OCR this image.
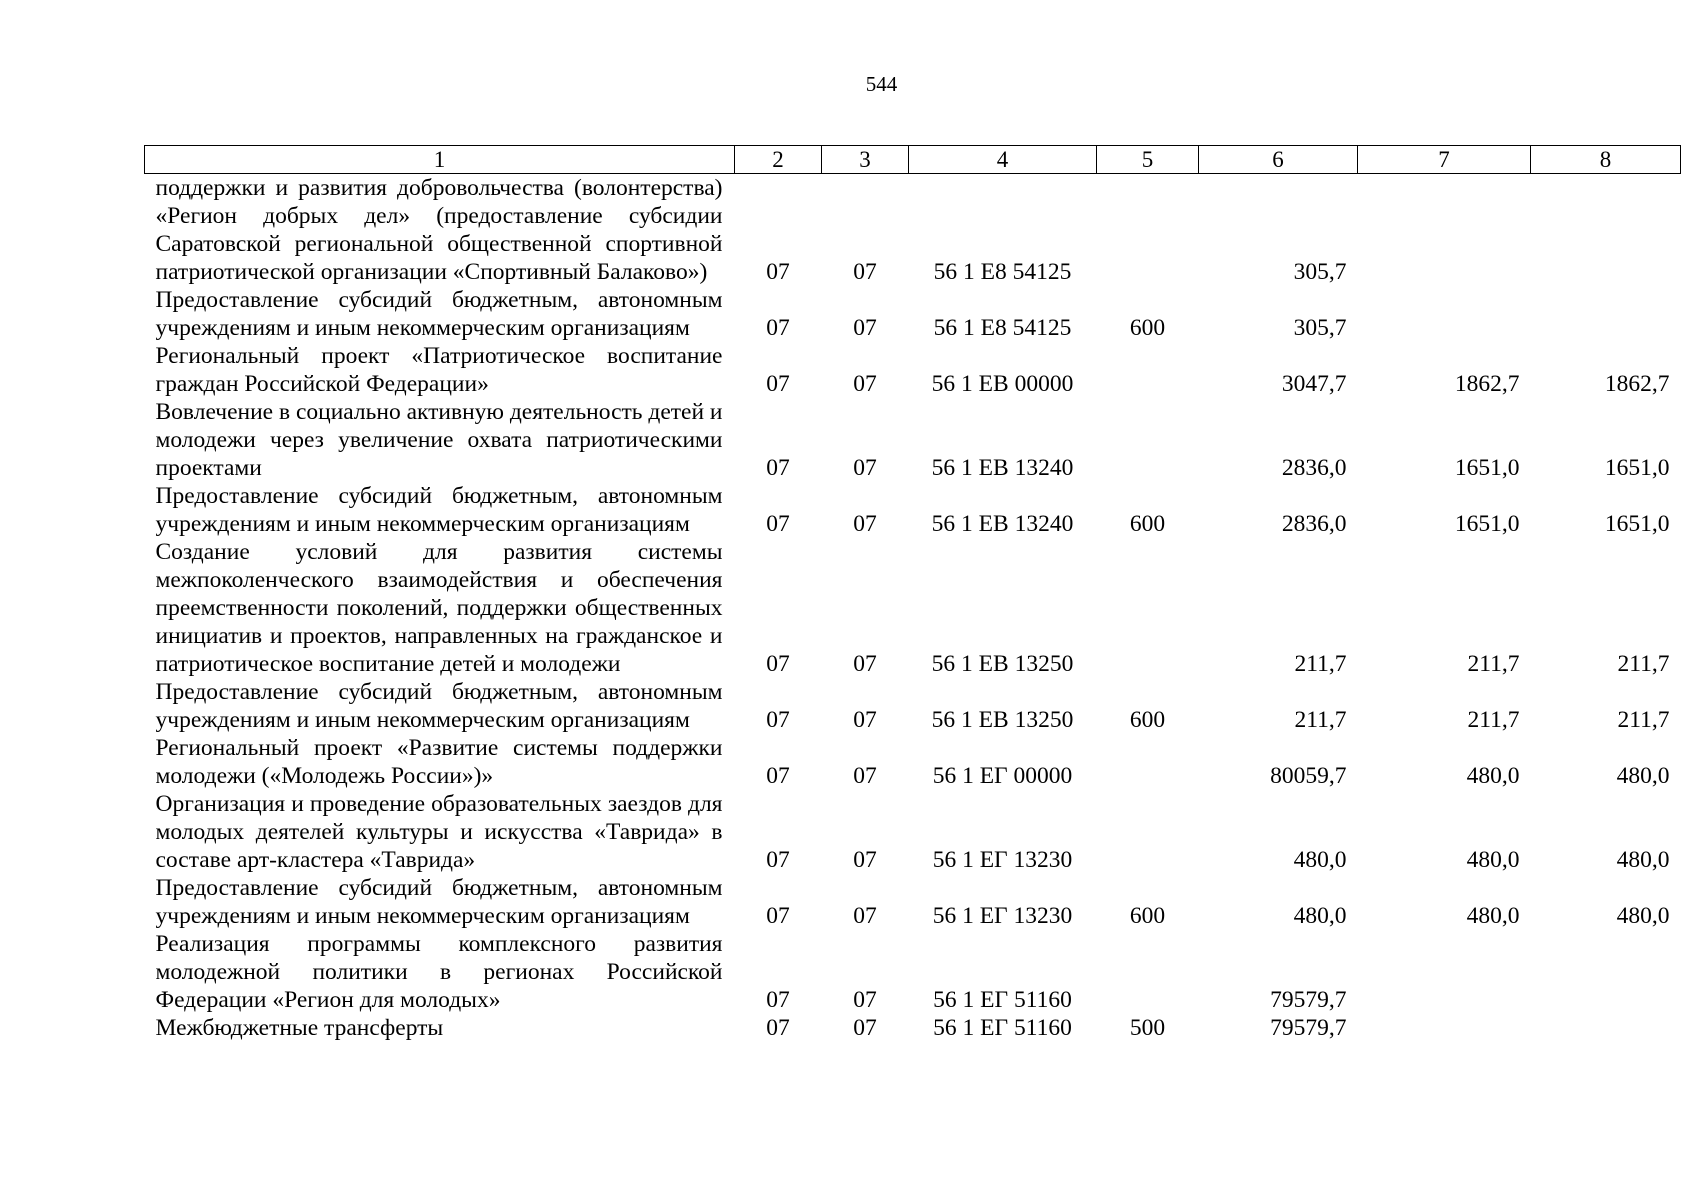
544
1	2	3	4	5	6	7	8
поддержки и развития добровольчества (волонтерства) «Регион добрых дел» (предоставление субсидии Саратовской региональной общественной спортивной патриотической организации «Спортивный Балаково»)	07	07	56 1 Е8 54125		305,7		
Предоставление субсидий бюджетным, автономным учреждениям и иным некоммерческим организациям	07	07	56 1 Е8 54125	600	305,7		
Региональный проект «Патриотическое воспитание граждан Российской Федерации»	07	07	56 1 ЕВ 00000		3047,7	1862,7	1862,7
Вовлечение в социально активную деятельность детей и молодежи через увеличение охвата патриотическими проектами	07	07	56 1 ЕВ 13240		2836,0	1651,0	1651,0
Предоставление субсидий бюджетным, автономным учреждениям и иным некоммерческим организациям	07	07	56 1 ЕВ 13240	600	2836,0	1651,0	1651,0
Создание условий для развития системы межпоколенческого взаимодействия и обеспечения преемственности поколений, поддержки общественных инициатив и проектов, направленных на гражданское и патриотическое воспитание детей и молодежи	07	07	56 1 ЕВ 13250		211,7	211,7	211,7
Предоставление субсидий бюджетным, автономным учреждениям и иным некоммерческим организациям	07	07	56 1 ЕВ 13250	600	211,7	211,7	211,7
Региональный проект «Развитие системы поддержки молодежи («Молодежь России»)»	07	07	56 1 ЕГ 00000		80059,7	480,0	480,0
Организация и проведение образовательных заездов для молодых деятелей культуры и искусства «Таврида» в составе арт-кластера «Таврида»	07	07	56 1 ЕГ 13230		480,0	480,0	480,0
Предоставление субсидий бюджетным, автономным учреждениям и иным некоммерческим организациям	07	07	56 1 ЕГ 13230	600	480,0	480,0	480,0
Реализация программы комплексного развития молодежной политики в регионах Российской Федерации «Регион для молодых»	07	07	56 1 ЕГ 51160		79579,7		
Межбюджетные трансферты	07	07	56 1 ЕГ 51160	500	79579,7		
